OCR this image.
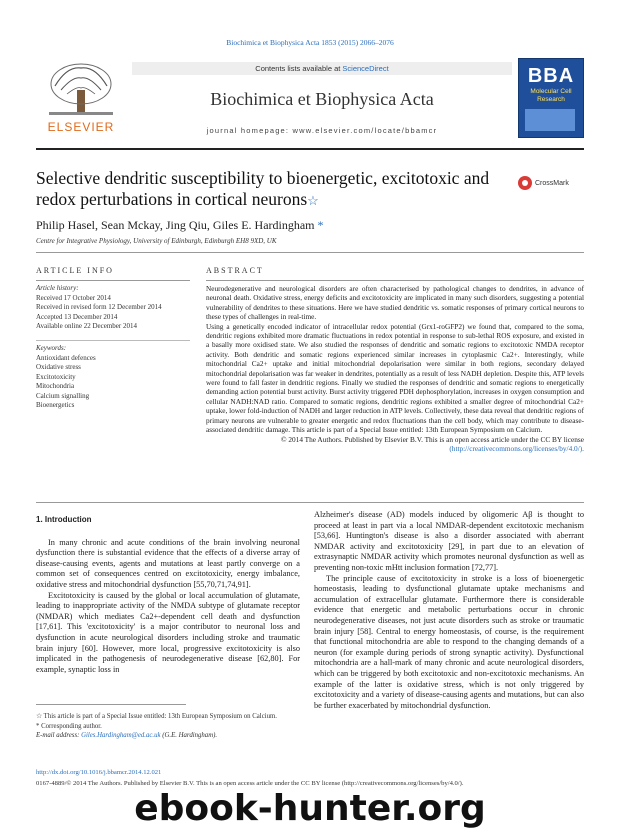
Biochimica et Biophysica Acta 1853 (2015) 2066–2076
ELSEVIER
Contents lists available at ScienceDirect
Biochimica et Biophysica Acta
journal homepage: www.elsevier.com/locate/bbamcr
BBA
Molecular Cell
Research
Selective dendritic susceptibility to bioenergetic, excitotoxic and redox perturbations in cortical neurons☆
CrossMark
Philip Hasel, Sean Mckay, Jing Qiu, Giles E. Hardingham *
Centre for Integrative Physiology, University of Edinburgh, Edinburgh EH8 9XD, UK
ARTICLE INFO	ABSTRACT
Article history:
Received 17 October 2014
Received in revised form 12 December 2014
Accepted 13 December 2014
Available online 22 December 2014
Keywords:
Antioxidant defences
Oxidative stress
Excitotoxicity
Mitochondria
Calcium signalling
Bioenergetics

Neurodegenerative and neurological disorders are often characterised by pathological changes to dendrites, in advance of neuronal death. Oxidative stress, energy deficits and excitotoxicity are implicated in many such disorders, suggesting a potential vulnerability of dendrites to these situations. Here we have studied dendritic vs. somatic responses of primary cortical neurons to these types of challenges in real-time.

Using a genetically encoded indicator of intracellular redox potential (Grx1-roGFP2) we found that, compared to the soma, dendritic regions exhibited more dramatic fluctuations in redox potential in response to sub-lethal ROS exposure, and existed in a basally more oxidised state. We also studied the responses of dendritic and somatic regions to excitotoxic NMDA receptor activity. Both dendritic and somatic regions experienced similar increases in cytoplasmic Ca2+. Interestingly, while mitochondrial Ca2+ uptake and initial mitochondrial depolarisation were similar in both regions, secondary delayed mitochondrial depolarisation was far weaker in dendrites, potentially as a result of less NADH depletion. Despite this, ATP levels were found to fall faster in dendritic regions. Finally we studied the responses of dendritic and somatic regions to energetically demanding action potential burst activity. Burst activity triggered PDH dephosphorylation, increases in oxygen consumption and cellular NADH:NAD ratio. Compared to somatic regions, dendritic regions exhibited a smaller degree of mitochondrial Ca2+ uptake, lower fold-induction of NADH and larger reduction in ATP levels. Collectively, these data reveal that dendritic regions of primary neurons are vulnerable to greater energetic and redox fluctuations than the cell body, which may contribute to disease-associated dendritic damage. This article is part of a Special Issue entitled: 13th European Symposium on Calcium.

© 2014 The Authors. Published by Elsevier B.V. This is an open access article under the CC BY license

(http://creativecommons.org/licenses/by/4.0/).

1. Introduction

In many chronic and acute conditions of the brain involving neuronal dysfunction there is substantial evidence that the effects of a diverse array of disease-causing events, agents and mutations at least partly converge on a common set of consequences centred on excitotoxicity, energy imbalance, oxidative stress and mitochondrial dysfunction [55,70,71,74,91].

Excitotoxicity is caused by the global or local accumulation of glutamate, leading to inappropriate activity of the NMDA subtype of glutamate receptor (NMDAR) which mediates Ca2+-dependent cell death and dysfunction [17,61]. This 'excitotoxicity' is a major contributor to neuronal loss and dysfunction in acute neurological disorders including stroke and traumatic brain injury [60]. However, more local, progressive excitotoxicity is also implicated in the pathogenesis of neurodegenerative disease [62,80]. For example, synaptic loss in

Alzheimer's disease (AD) models induced by oligomeric Aβ is thought to proceed at least in part via a local NMDAR-dependent excitotoxic mechanism [53,66]. Huntington's disease is also a disorder associated with aberrant NMDAR activity and excitotoxicity [29], in part due to an elevation of extrasynaptic NMDAR activity which promotes neuronal dysfunction as well as preventing non-toxic mHtt inclusion formation [72,77].

The principle cause of excitotoxicity in stroke is a loss of bioenergetic homeostasis, leading to dysfunctional glutamate uptake mechanisms and accumulation of extracellular glutamate. Furthermore there is considerable evidence that energetic and metabolic perturbations occur in chronic neurodegenerative diseases, not just acute disorders such as stroke or traumatic brain injury [58]. Central to energy homeostasis, of course, is the requirement that functional mitochondria are able to respond to the changing demands of a neuron (for example during periods of strong synaptic activity). Dysfunctional mitochondria are a hall-mark of many chronic and acute neurological disorders, which can be triggered by both excitotoxic and non-excitotoxic mechanisms. An example of the latter is oxidative stress, which is not only triggered by excitotoxicity and a variety of disease-causing agents and mutations, but can also be further exacerbated by mitochondrial dysfunction.

☆ This article is part of a Special Issue entitled: 13th European Symposium on Calcium.
* Corresponding author.
E-mail address: Giles.Hardingham@ed.ac.uk (G.E. Hardingham).
http://dx.doi.org/10.1016/j.bbamcr.2014.12.021
0167-4889/© 2014 The Authors. Published by Elsevier B.V. This is an open access article under the CC BY license (http://creativecommons.org/licenses/by/4.0/).
ebook-hunter.org
